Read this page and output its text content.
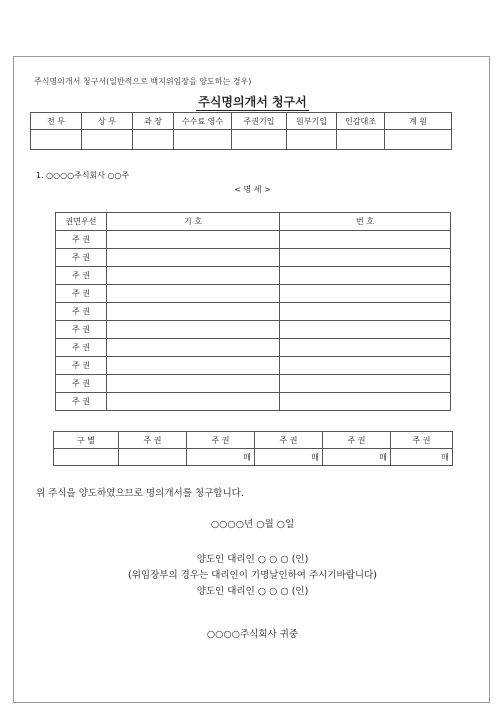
주식명의개서 청구서(일반적으로 백지위임장을 양도하는 경우)
주식명의개서 청구서
전 무	상 무	과 장	수수료 영수	주권기입	원부기입	인감대조	계 원

1. ○○○○주식회사 ○○주
< 명 세 >
권면우선	기 호	번 호
주 권		
주 권		
주 권		
주 권		
주 권		
주 권		
주 권		
주 권		
주 권		
주 권		
구 별	주 권	주 권	주 권	주 권	주 권
		매	매	매	매
위 주식을 양도하였으므로 명의개서를 청구합니다.
○○○○년 ○월 ○일
양도인 대리인 ○ ○ ○ (인)
(위임장부의 경우는 대리인이 기명날인하여 주시기바랍니다)
양도인 대리인 ○ ○ ○ (인)
○○○○주식회사 귀중
